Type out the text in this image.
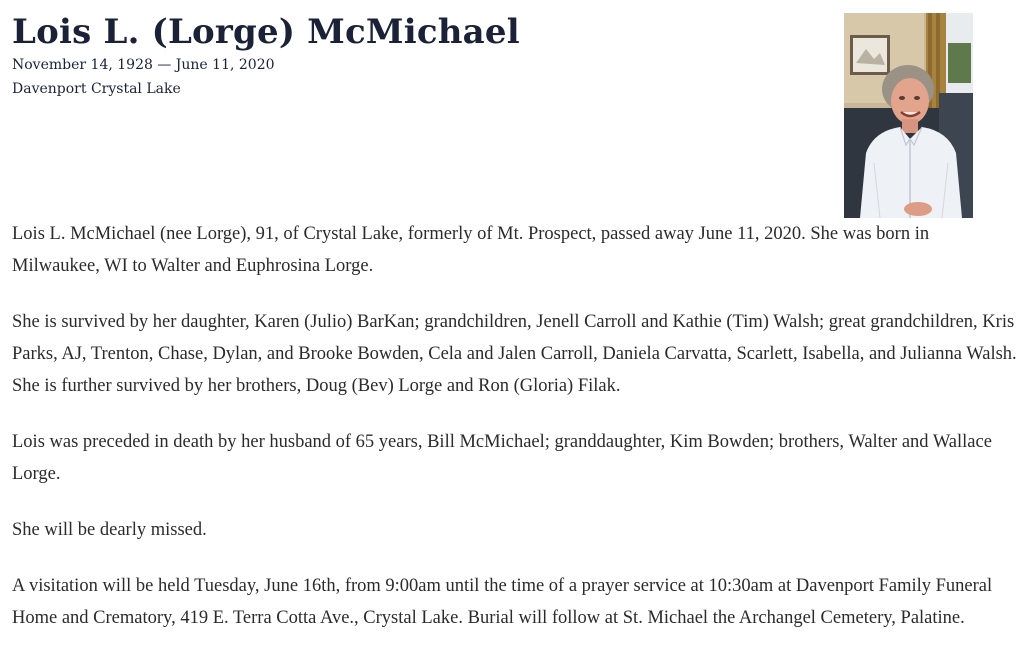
Lois L. (Lorge) McMichael
November 14, 1928 — June 11, 2020
Davenport Crystal Lake

Lois L. McMichael (nee Lorge), 91, of Crystal Lake, formerly of Mt. Prospect, passed away June 11, 2020. She was born in Milwaukee, WI to Walter and Euphrosina Lorge.

She is survived by her daughter, Karen (Julio) BarKan; grandchildren, Jenell Carroll and Kathie (Tim) Walsh; great grandchildren, Kris Parks, AJ, Trenton, Chase, Dylan, and Brooke Bowden, Cela and Jalen Carroll, Daniela Carvatta, Scarlett, Isabella, and Julianna Walsh. She is further survived by her brothers, Doug (Bev) Lorge and Ron (Gloria) Filak.

Lois was preceded in death by her husband of 65 years, Bill McMichael; granddaughter, Kim Bowden; brothers, Walter and Wallace Lorge.

She will be dearly missed.

A visitation will be held Tuesday, June 16th, from 9:00am until the time of a prayer service at 10:30am at Davenport Family Funeral Home and Crematory, 419 E. Terra Cotta Ave., Crystal Lake. Burial will follow at St. Michael the Archangel Cemetery, Palatine.
